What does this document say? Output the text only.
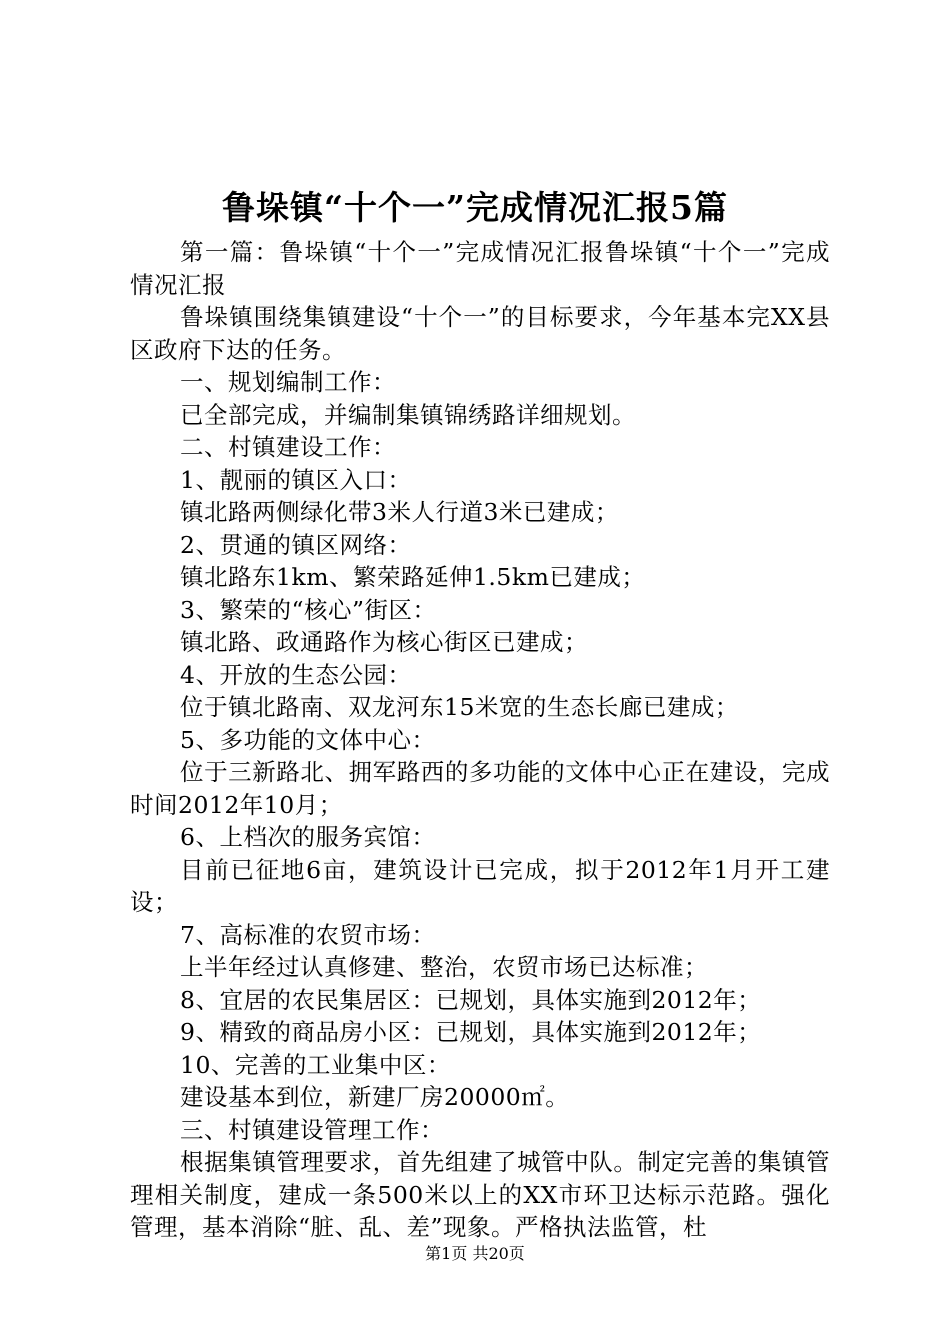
鲁垛镇“十个一”完成情况汇报5篇

第一篇：鲁垛镇“十个一”完成情况汇报鲁垛镇“十个一”完成情况汇报

鲁垛镇围绕集镇建设“十个一”的目标要求，今年基本完XX县区政府下达的任务。

一、规划编制工作：

已全部完成，并编制集镇锦绣路详细规划。

二、村镇建设工作：

1、靓丽的镇区入口：

镇北路两侧绿化带3米人行道3米已建成；

2、贯通的镇区网络：

镇北路东1km、繁荣路延伸1.5km已建成；

3、繁荣的“核心”街区：

镇北路、政通路作为核心街区已建成；

4、开放的生态公园：

位于镇北路南、双龙河东15米宽的生态长廊已建成；

5、多功能的文体中心：

位于三新路北、拥军路西的多功能的文体中心正在建设，完成时间2012年10月；

6、上档次的服务宾馆：

目前已征地6亩，建筑设计已完成，拟于2012年1月开工建设；

7、高标准的农贸市场：

上半年经过认真修建、整治，农贸市场已达标准；

8、宜居的农民集居区：已规划，具体实施到2012年；

9、精致的商品房小区：已规划，具体实施到2012年；

10、完善的工业集中区：

建设基本到位，新建厂房20000㎡。

三、村镇建设管理工作：

根据集镇管理要求，首先组建了城管中队。制定完善的集镇管理相关制度，建成一条500米以上的XX市环卫达标示范路。强化管理，基本消除“脏、乱、差”现象。严格执法监管，杜

第1页 共20页
